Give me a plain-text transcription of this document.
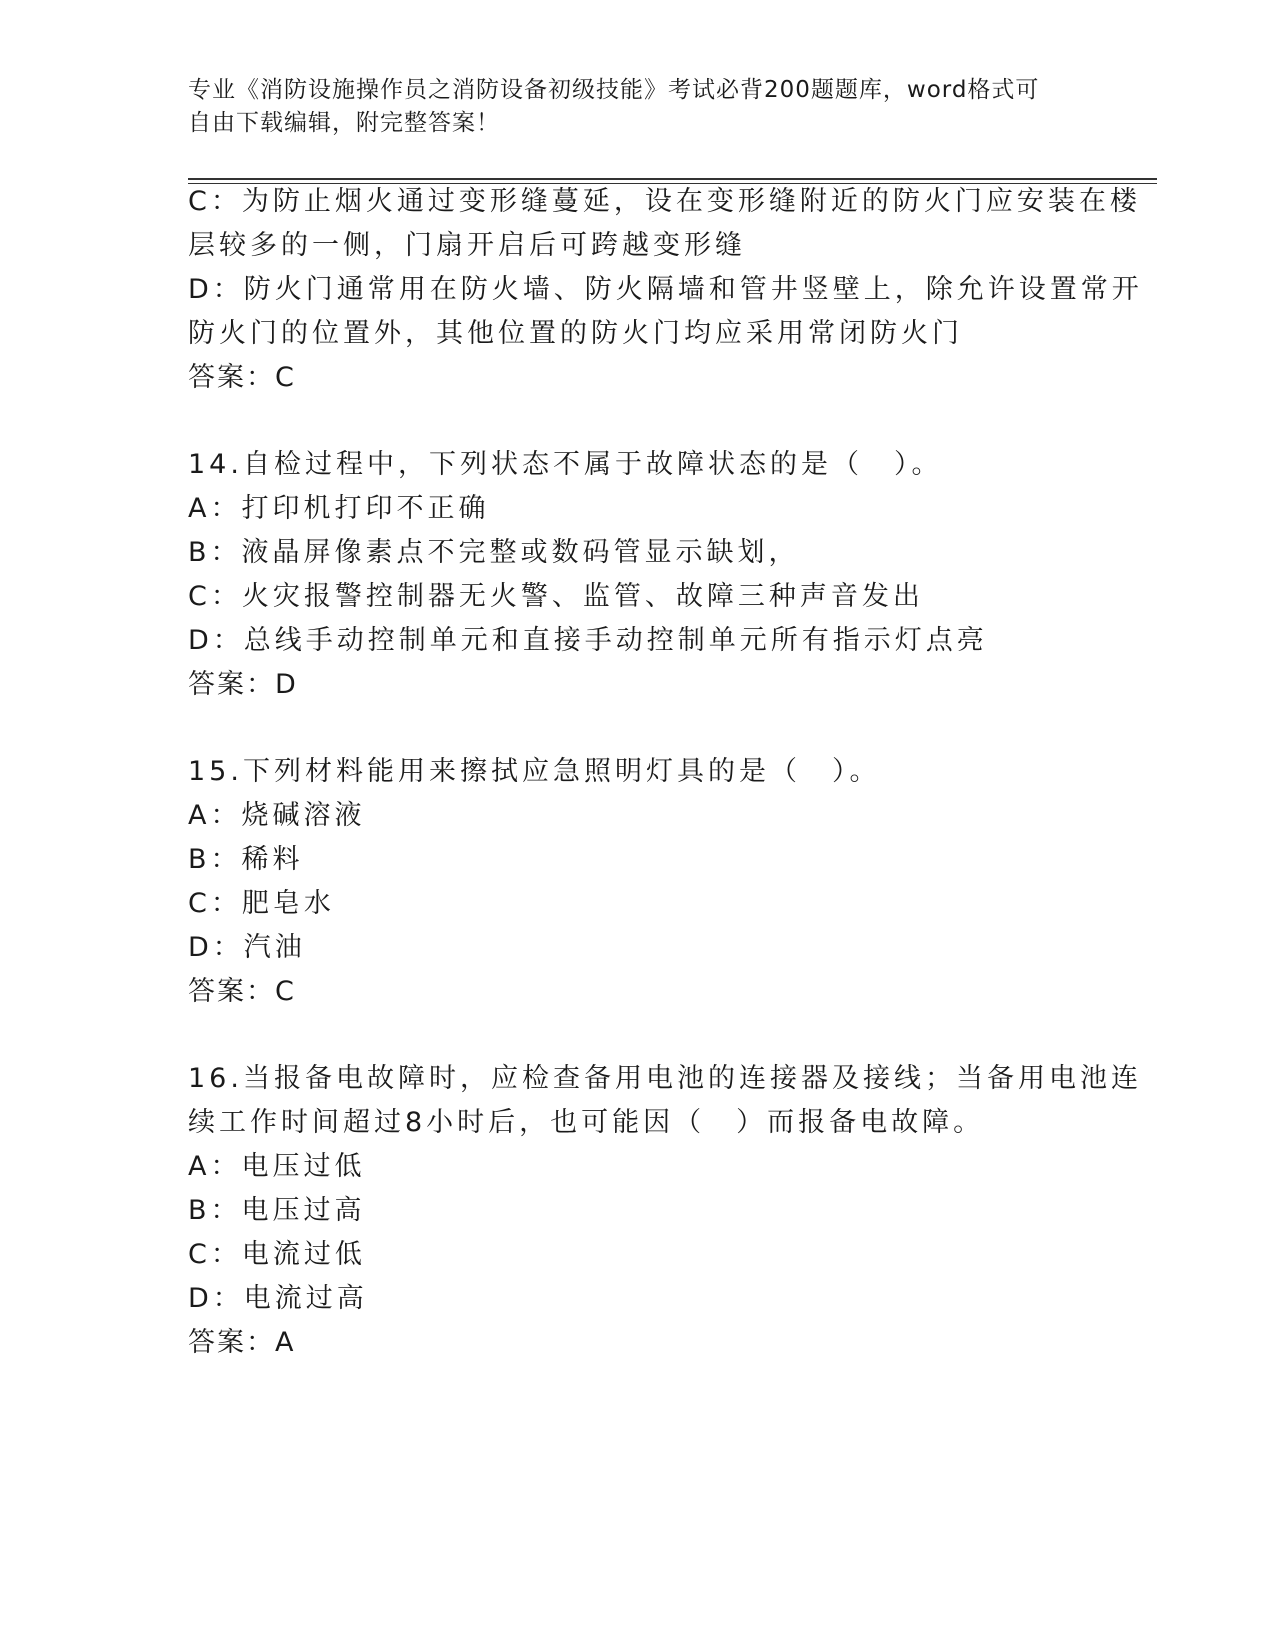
专业《消防设施操作员之消防设备初级技能》考试必背200题题库，word格式可
自由下载编辑，附完整答案！
C：为防止烟火通过变形缝蔓延，设在变形缝附近的防火门应安装在楼
层较多的一侧，门扇开启后可跨越变形缝
D：防火门通常用在防火墙、防火隔墙和管井竖壁上，除允许设置常开
防火门的位置外，其他位置的防火门均应采用常闭防火门
答案：C
14.自检过程中，下列状态不属于故障状态的是（　）。
A：打印机打印不正确
B：液晶屏像素点不完整或数码管显示缺划，
C：火灾报警控制器无火警、监管、故障三种声音发出
D：总线手动控制单元和直接手动控制单元所有指示灯点亮
答案：D
15.下列材料能用来擦拭应急照明灯具的是（　）。
A：烧碱溶液
B：稀料
C：肥皂水
D：汽油
答案：C
16.当报备电故障时，应检查备用电池的连接器及接线；当备用电池连
续工作时间超过8小时后，也可能因（　）而报备电故障。
A：电压过低
B：电压过高
C：电流过低
D：电流过高
答案：A
